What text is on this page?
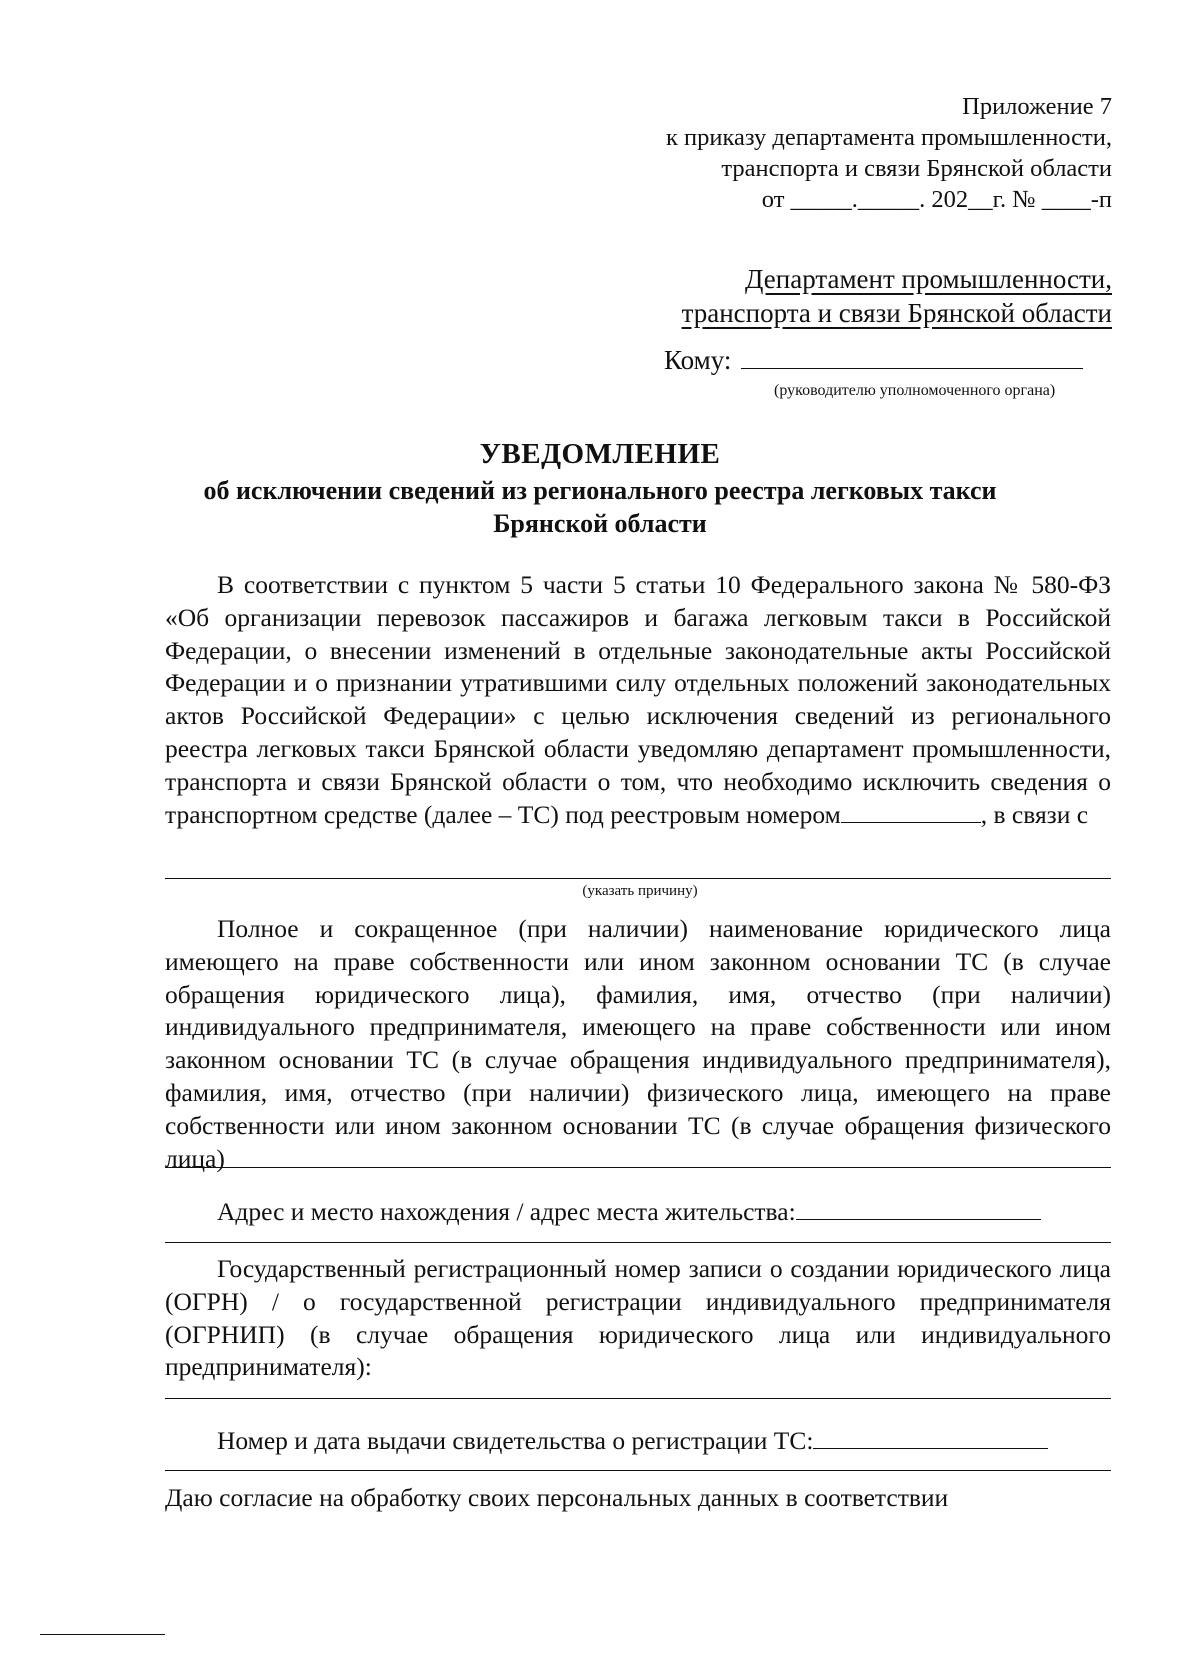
Приложение 7
к приказу департамента промышленности,
транспорта и связи Брянской области
от _____._____. 202__г. № ____-п
Департамент промышленности,
транспорта и связи Брянской области
Кому:
(руководителю уполномоченного органа)
УВЕДОМЛЕНИЕ
об исключении сведений из регионального реестра легковых такси
Брянской области
В соответствии с пунктом 5 части 5 статьи 10 Федерального закона № 580-ФЗ «Об организации перевозок пассажиров и багажа легковым такси в Российской Федерации, о внесении изменений в отдельные законодательные акты Российской Федерации и о признании утратившими силу отдельных положений законодательных актов Российской Федерации» с целью исключения сведений из регионального реестра легковых такси Брянской области уведомляю департамент промышленности, транспорта и связи Брянской области о том, что необходимо исключить сведения о транспортном средстве (далее – ТС) под реестровым номером	, в связи с
(указать причину)
Полное и сокращенное (при наличии) наименование юридического лица имеющего на праве собственности или ином законном основании ТС (в случае обращения юридического лица), фамилия, имя, отчество (при наличии) индивидуального предпринимателя, имеющего на праве собственности или ином законном основании ТС (в случае обращения индивидуального предпринимателя), фамилия, имя, отчество (при наличии) физического лица, имеющего на праве собственности или ином законном основании ТС (в случае обращения физического лица)
Адрес и место нахождения / адрес места жительства:
Государственный регистрационный номер записи о создании юридического лица (ОГРН) / о государственной регистрации индивидуального предпринимателя (ОГРНИП) (в случае обращения юридического лица или индивидуального предпринимателя):
Номер и дата выдачи свидетельства о регистрации ТС:
Даю согласие на обработку своих персональных данных в соответствии
